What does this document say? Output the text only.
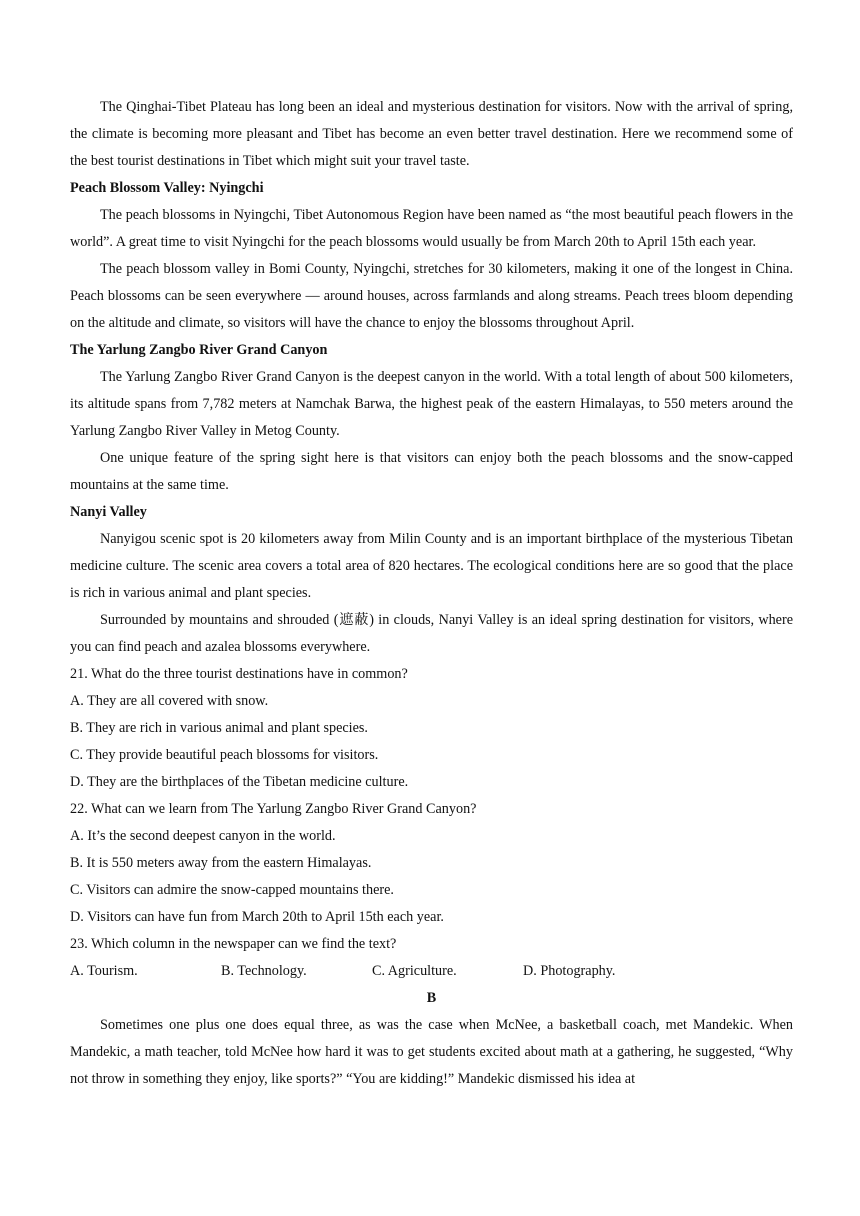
The Qinghai-Tibet Plateau has long been an ideal and mysterious destination for visitors. Now with the arrival of spring, the climate is becoming more pleasant and Tibet has become an even better travel destination. Here we recommend some of the best tourist destinations in Tibet which might suit your travel taste.

Peach Blossom Valley: Nyingchi

The peach blossoms in Nyingchi, Tibet Autonomous Region have been named as “the most beautiful peach flowers in the world”. A great time to visit Nyingchi for the peach blossoms would usually be from March 20th to April 15th each year.

The peach blossom valley in Bomi County, Nyingchi, stretches for 30 kilometers, making it one of the longest in China. Peach blossoms can be seen everywhere — around houses, across farmlands and along streams. Peach trees bloom depending on the altitude and climate, so visitors will have the chance to enjoy the blossoms throughout April.

The Yarlung Zangbo River Grand Canyon

The Yarlung Zangbo River Grand Canyon is the deepest canyon in the world. With a total length of about 500 kilometers, its altitude spans from 7,782 meters at Namchak Barwa, the highest peak of the eastern Himalayas, to 550 meters around the Yarlung Zangbo River Valley in Metog County.

One unique feature of the spring sight here is that visitors can enjoy both the peach blossoms and the snow-capped mountains at the same time.

Nanyi Valley

Nanyigou scenic spot is 20 kilometers away from Milin County and is an important birthplace of the mysterious Tibetan medicine culture. The scenic area covers a total area of 820 hectares. The ecological conditions here are so good that the place is rich in various animal and plant species.

Surrounded by mountains and shrouded (遮蔽) in clouds, Nanyi Valley is an ideal spring destination for visitors, where you can find peach and azalea blossoms everywhere.

21. What do the three tourist destinations have in common?

A. They are all covered with snow.

B. They are rich in various animal and plant species.

C. They provide beautiful peach blossoms for visitors.

D. They are the birthplaces of the Tibetan medicine culture.

22. What can we learn from The Yarlung Zangbo River Grand Canyon?

A. It’s the second deepest canyon in the world.

B. It is 550 meters away from the eastern Himalayas.

C. Visitors can admire the snow-capped mountains there.

D. Visitors can have fun from March 20th to April 15th each year.

23. Which column in the newspaper can we find the text?

A. Tourism.	B. Technology.	C. Agriculture.	D. Photography.

B

Sometimes one plus one does equal three, as was the case when McNee, a basketball coach, met Mandekic. When Mandekic, a math teacher, told McNee how hard it was to get students excited about math at a gathering, he suggested, “Why not throw in something they enjoy, like sports?” “You are kidding!” Mandekic dismissed his idea at
